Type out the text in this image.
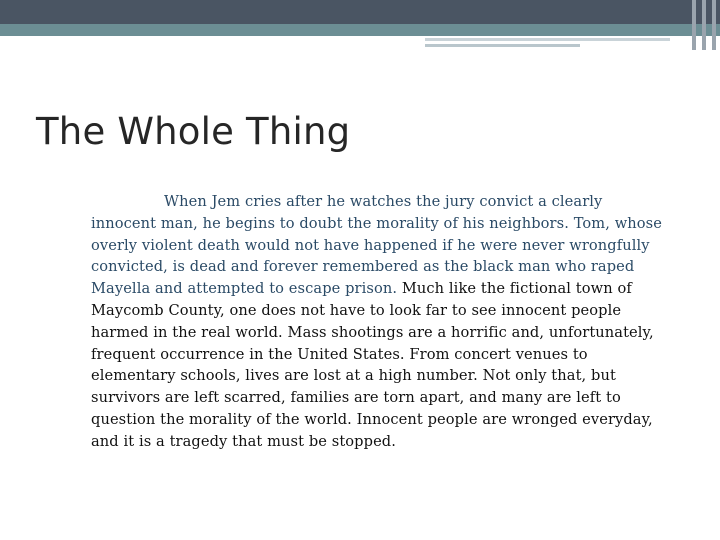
The Whole Thing

When Jem cries after he watches the jury convict a clearly innocent man, he begins to doubt the morality of his neighbors. Tom, whose overly violent death would not have happened if he were never wrongfully convicted, is dead and forever remembered as the black man who raped Mayella and attempted to escape prison. Much like the fictional town of Maycomb County, one does not have to look far to see innocent people harmed in the real world. Mass shootings are a horrific and, unfortunately, frequent occurrence in the United States. From concert venues to elementary schools, lives are lost at a high number. Not only that, but survivors are left scarred, families are torn apart, and many are left to question the morality of the world. Innocent people are wronged everyday, and it is a tragedy that must be stopped.
